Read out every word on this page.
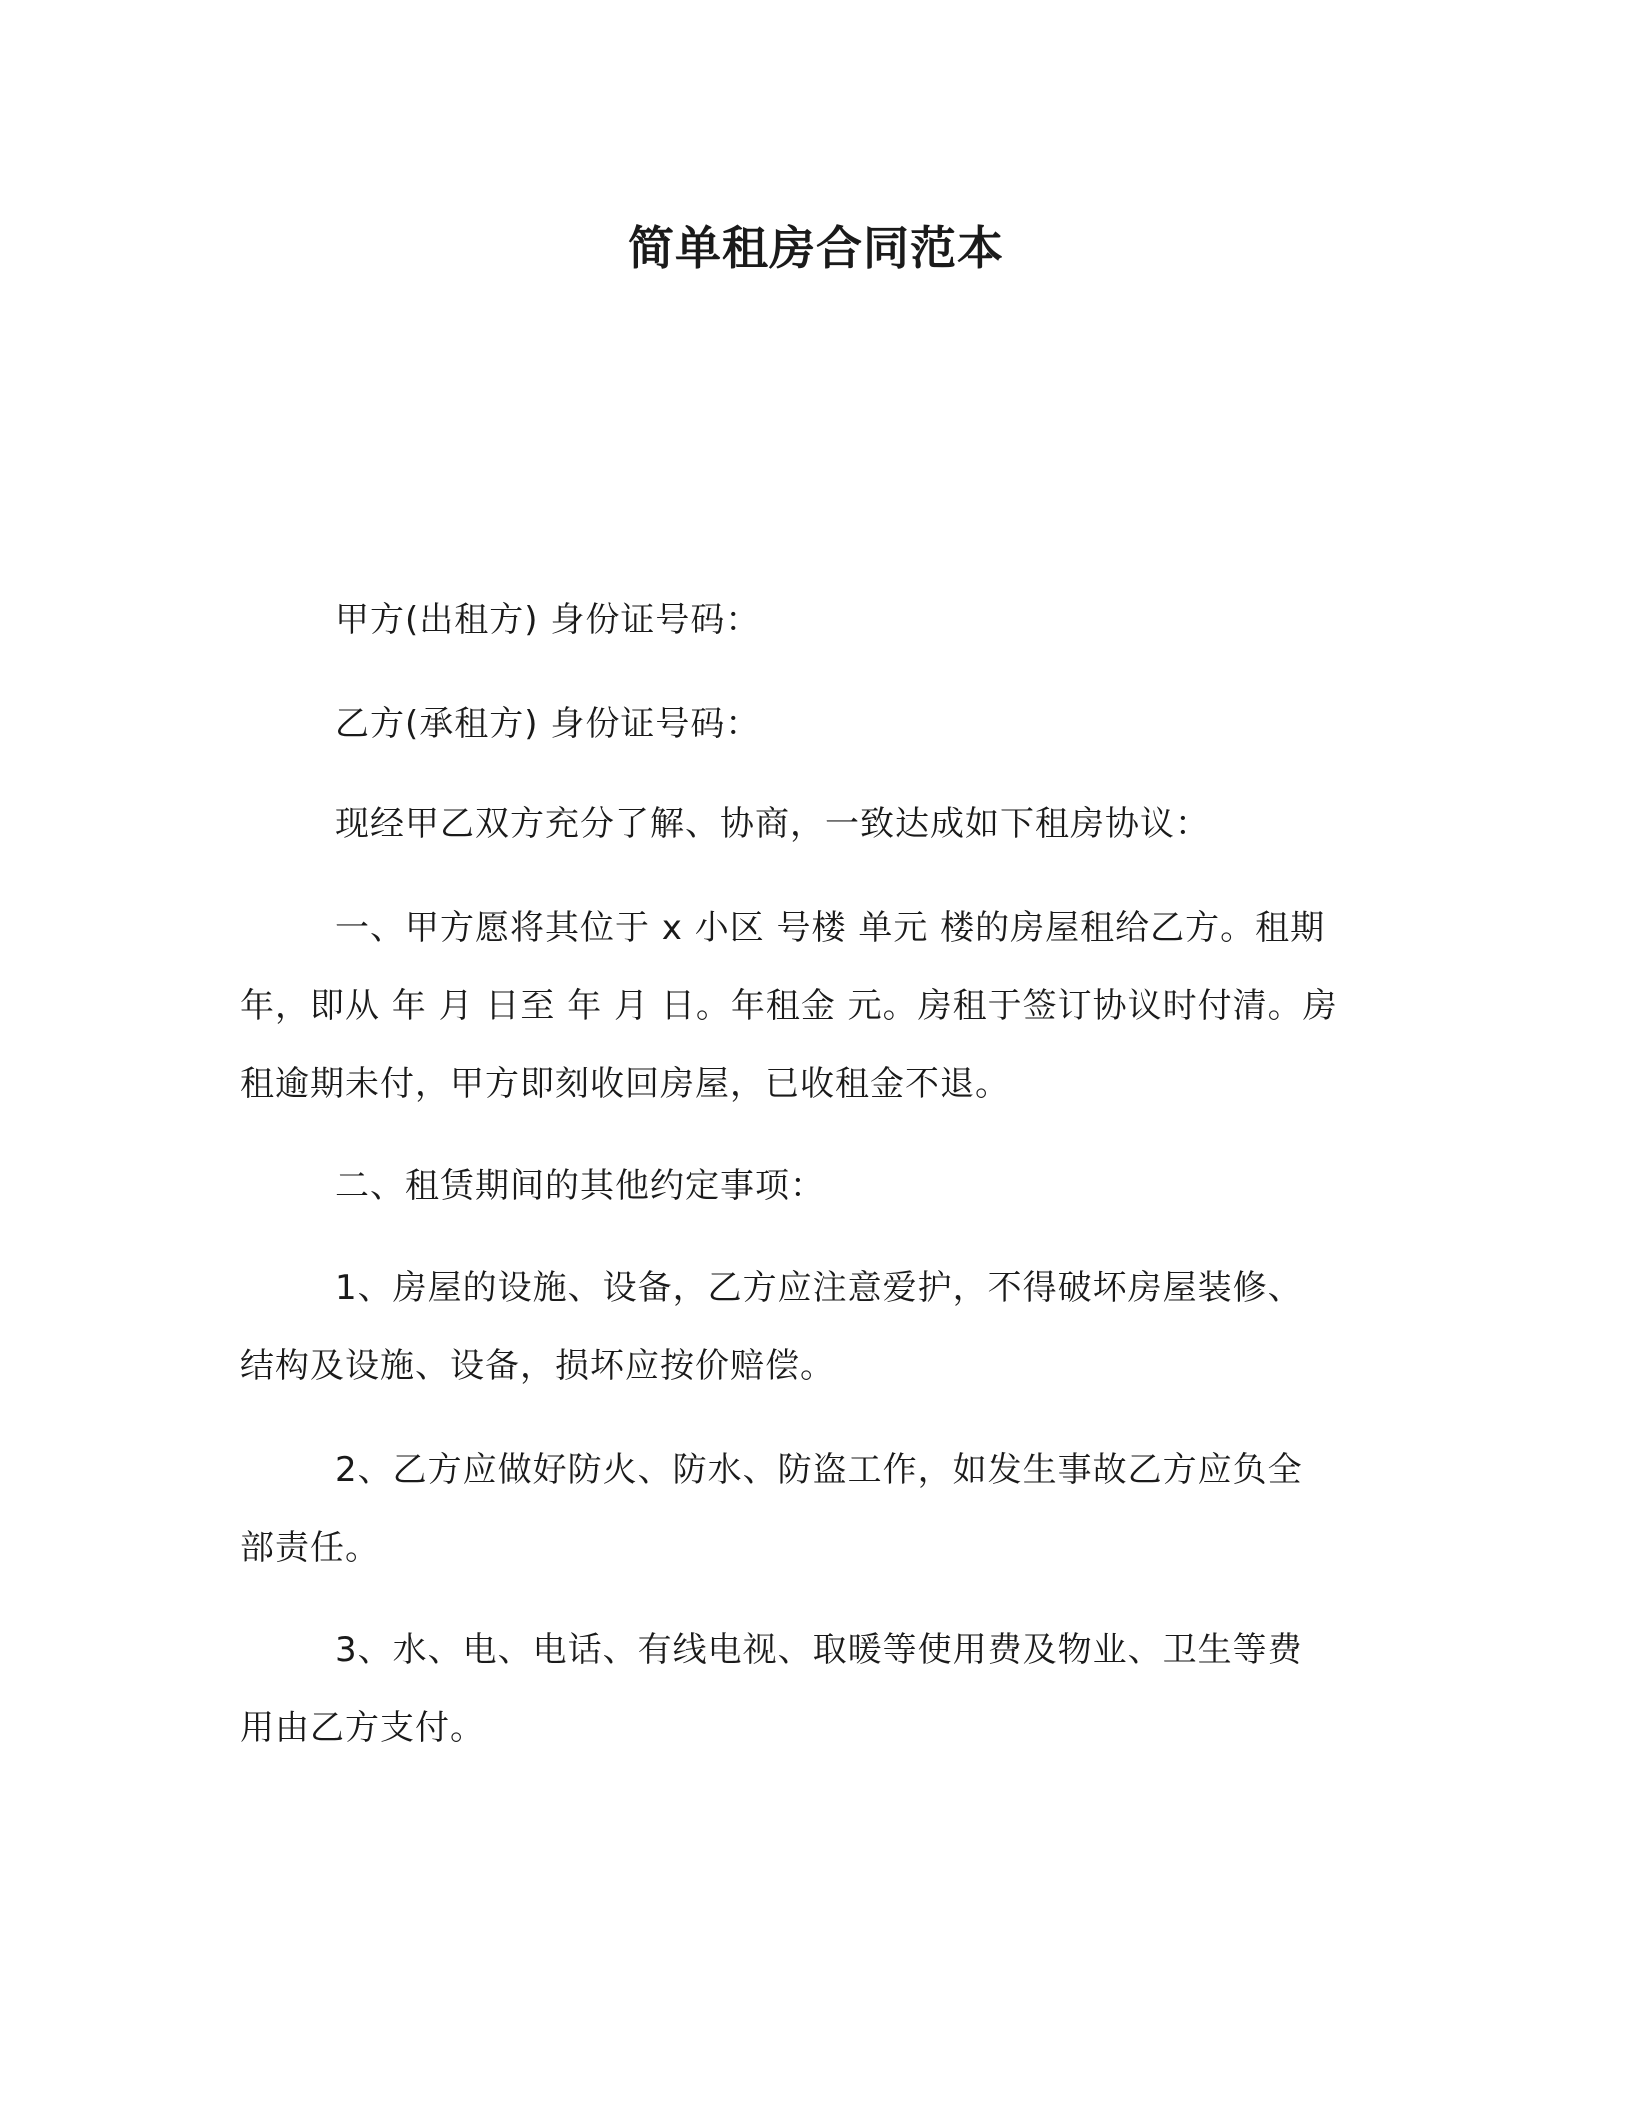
简单租房合同范本
甲方(出租方) 身份证号码：
乙方(承租方) 身份证号码：
现经甲乙双方充分了解、协商，一致达成如下租房协议：
一、甲方愿将其位于 x 小区 号楼 单元 楼的房屋租给乙方。租期
年，即从 年 月 日至 年 月 日。年租金 元。房租于签订协议时付清。房
租逾期未付，甲方即刻收回房屋，已收租金不退。
二、租赁期间的其他约定事项：
1、房屋的设施、设备，乙方应注意爱护，不得破坏房屋装修、
结构及设施、设备，损坏应按价赔偿。
2、乙方应做好防火、防水、防盗工作，如发生事故乙方应负全
部责任。
3、水、电、电话、有线电视、取暖等使用费及物业、卫生等费
用由乙方支付。
